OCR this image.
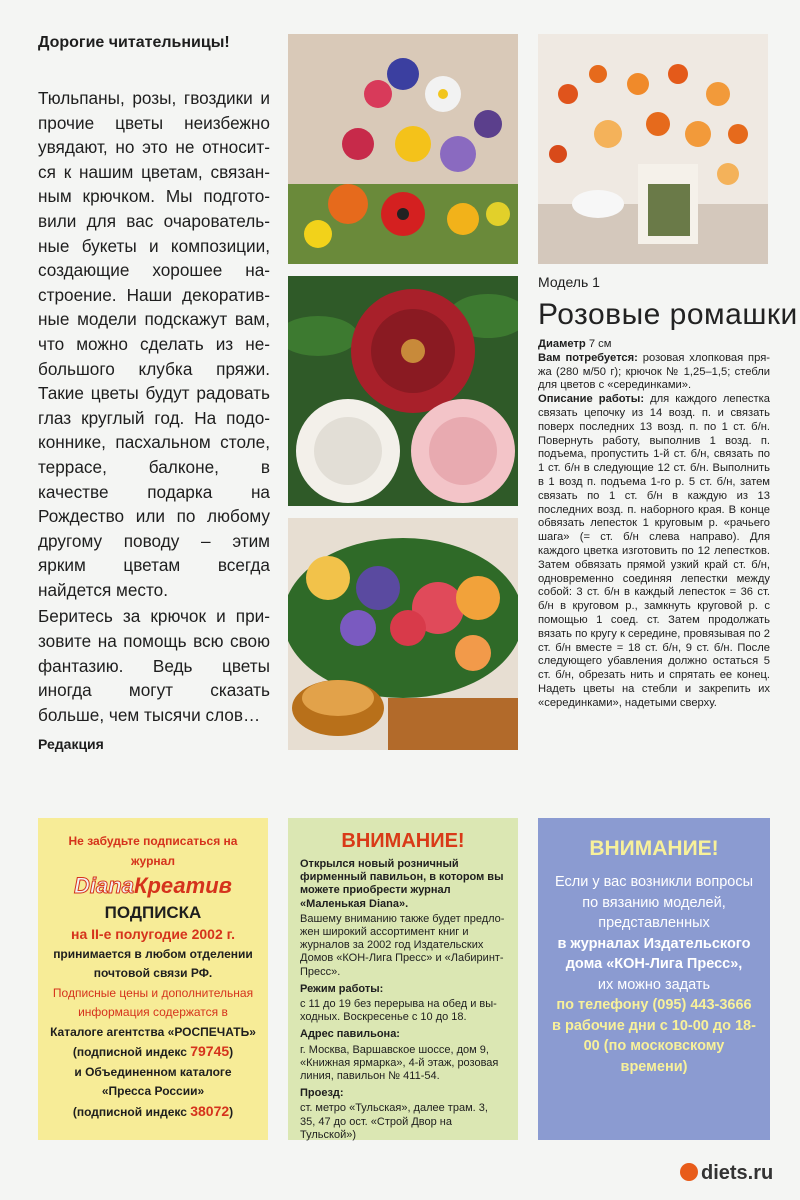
Дорогие читательницы!

Тюльпаны, розы, гвоздики и прочие цветы неизбежно увядают, но это не относится к нашим цветам, связанным крючком. Мы подготовили для вас очаровательные букеты и композиции, создающие хорошее настроение. Наши декоративные модели подскажут вам, что можно сделать из небольшого клубка пряжи. Такие цветы будут радовать глаз круглый год. На подоконнике, пасхальном столе, террасе, балконе, в качестве подарка на Рождество или по любому другому поводу – этим ярким цветам всегда найдется место.

Беритесь за крючок и призовите на помощь всю свою фантазию. Ведь цветы иногда могут сказать больше, чем тысячи слов…

Редакция
Модель 1
Розовые ромашки

Диаметр 7 см

Вам потребуется: розовая хлопковая пряжа (280 м/50 г); крючок № 1,25–1,5; стебли для цветов с «серединками».

Описание работы: для каждого лепестка связать цепочку из 14 возд. п. и связать поверх последних 13 возд. п. по 1 ст. б/н. Повернуть работу, выполнив 1 возд. п. подъема, пропустить 1-й ст. б/н, связать по 1 ст. б/н в следующие 12 ст. б/н. Выполнить в 1 возд п. подъема 1-го р. 5 ст. б/н, затем связать по 1 ст. б/н в каждую из 13 последних возд. п. наборного края. В конце обвязать лепесток 1 круговым р. «рачьего шага» (= ст. б/н слева направо). Для каждого цветка изготовить по 12 лепестков. Затем обвязать прямой узкий край ст. б/н, одновременно соединяя лепестки между собой: 3 ст. б/н в каждый лепесток = 36 ст. б/н в круговом р., замкнуть круговой р. с помощью 1 соед. ст. Затем продолжать вязать по кругу к середине, провязывая по 2 ст. б/н вместе = 18 ст. б/н, 9 ст. б/н. После следующего убавления должно остаться 5 ст. б/н, обрезать нить и спрятать ее конец. Надеть цветы на стебли и закрепить их «серединками», надетыми сверху.

Не забудьте подписаться на журнал
DianaКреатив
ПОДПИСКА
на II-е полугодие 2002 г.
принимается в любом отделении почтовой связи РФ.
Подписные цены и дополнительная информация содержатся в
Каталоге агентства «РОСПЕЧАТЬ»
(подписной индекс 79745)
и Объединенном каталоге
«Пресса России»
(подписной индекс 38072)
ВНИМАНИЕ!

Открылся новый розничный фирменный павильон, в котором вы можете приобрести журнал «Маленькая Diana».

Вашему вниманию также будет предложен широкий ассортимент книг и журналов за 2002 год Издательских Домов «КОН-Лига Пресс» и «Лабиринт-Пресс».

Режим работы:

с 11 до 19 без перерыва на обед и выходных. Воскресенье с 10 до 18.

Адрес павильона:

г. Москва, Варшавское шоссе, дом 9, «Книжная ярмарка», 4-й этаж, розовая линия, павильон № 411-54.

Проезд:

ст. метро «Тульская», далее трам. 3, 35, 47 до ост. «Строй Двор на Тульской»)

ВНИМАНИЕ!
Если у вас возникли вопросы по вязанию моделей, представленных
в журналах Издательского дома «КОН-Лига Пресс»,
их можно задать
по телефону (095) 443-3666 в рабочие дни с 10-00 до 18-00 (по московскому времени)
diets.ru
